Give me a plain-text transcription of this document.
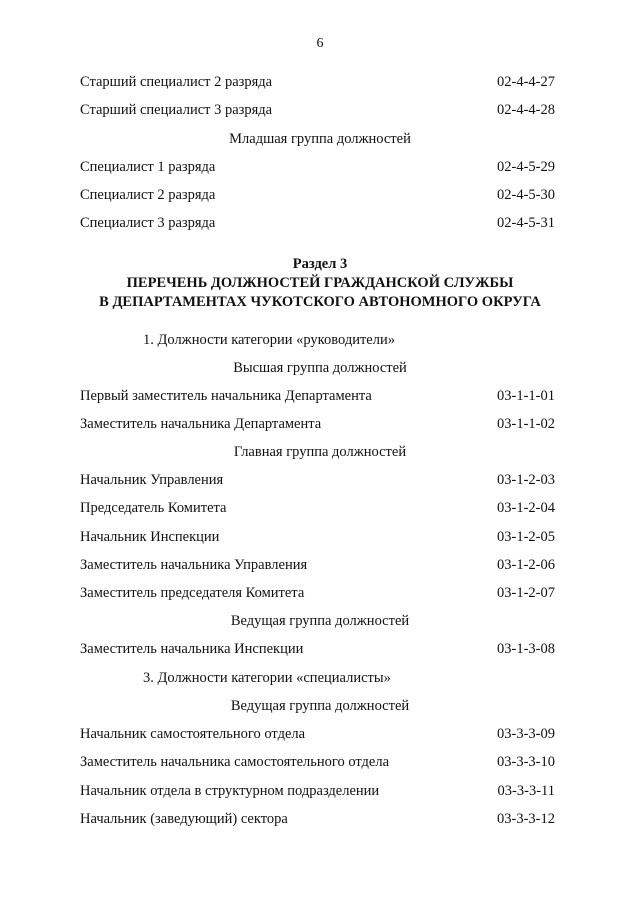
6
Старший специалист 2 разряда	02-4-4-27
Старший специалист 3 разряда	02-4-4-28
Младшая группа должностей
Специалист 1 разряда	02-4-5-29
Специалист 2 разряда	02-4-5-30
Специалист 3 разряда	02-4-5-31
Раздел 3
ПЕРЕЧЕНЬ ДОЛЖНОСТЕЙ ГРАЖДАНСКОЙ СЛУЖБЫ
В ДЕПАРТАМЕНТАХ ЧУКОТСКОГО АВТОНОМНОГО ОКРУГА
1. Должности категории «руководители»
Высшая группа должностей
Первый заместитель начальника Департамента	03-1-1-01
Заместитель начальника Департамента	03-1-1-02
Главная группа должностей
Начальник Управления	03-1-2-03
Председатель Комитета	03-1-2-04
Начальник Инспекции	03-1-2-05
Заместитель начальника Управления	03-1-2-06
Заместитель председателя Комитета	03-1-2-07
Ведущая группа должностей
Заместитель начальника Инспекции	03-1-3-08
3. Должности категории «специалисты»
Ведущая группа должностей
Начальник самостоятельного отдела	03-3-3-09
Заместитель начальника самостоятельного отдела	03-3-3-10
Начальник отдела в структурном подразделении	03-3-3-11
Начальник (заведующий) сектора	03-3-3-12
